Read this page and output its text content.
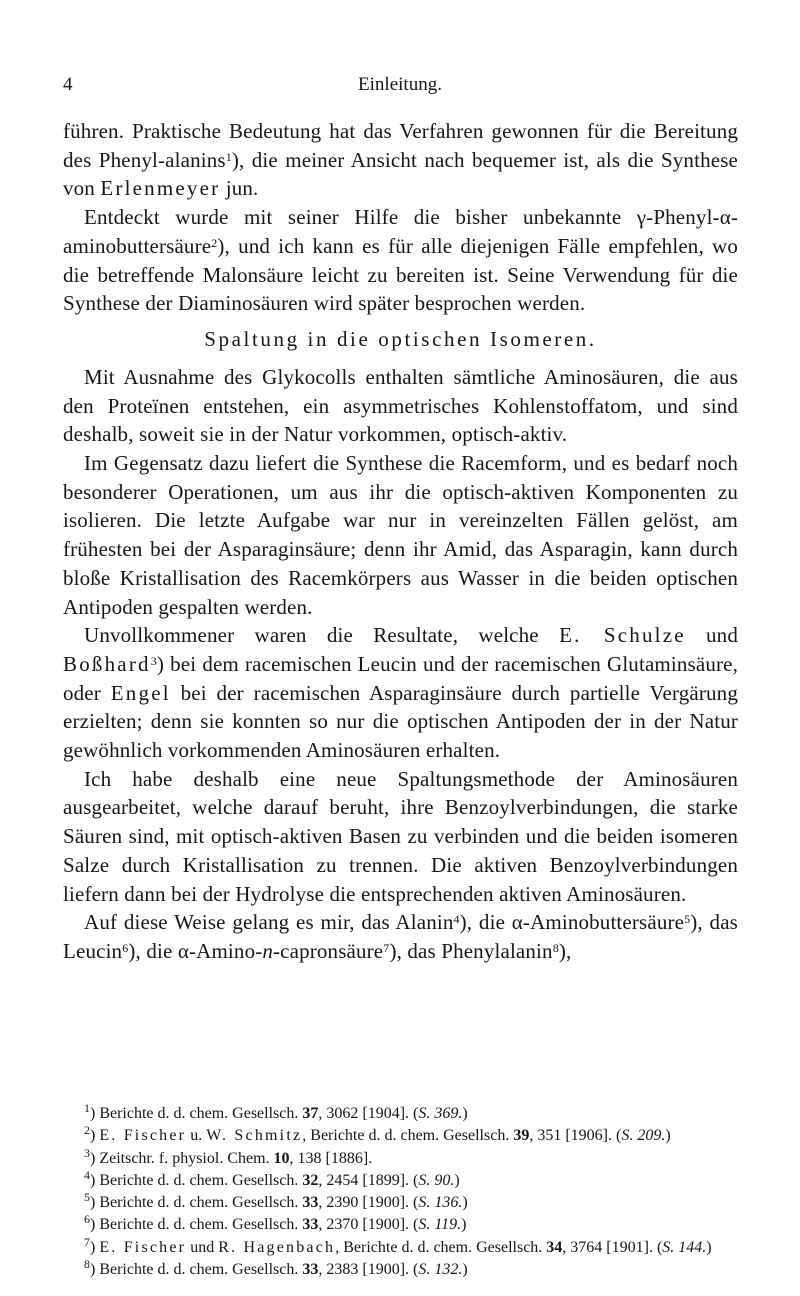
4	Einleitung.

führen. Praktische Bedeutung hat das Verfahren gewonnen für die Bereitung des Phenyl-alanins$^1$), die meiner Ansicht nach bequemer ist, als die Synthese von Erlenmeyer jun.

Entdeckt wurde mit seiner Hilfe die bisher unbekannte γ-Phenyl-α-aminobuttersäure$^2$), und ich kann es für alle diejenigen Fälle empfehlen, wo die betreffende Malonsäure leicht zu bereiten ist. Seine Verwendung für die Synthese der Diaminosäuren wird später besprochen werden.

Spaltung in die optischen Isomeren.

Mit Ausnahme des Glykocolls enthalten sämtliche Aminosäuren, die aus den Proteïnen entstehen, ein asymmetrisches Kohlenstoffatom, und sind deshalb, soweit sie in der Natur vorkommen, optisch-aktiv.

Im Gegensatz dazu liefert die Synthese die Racemform, und es bedarf noch besonderer Operationen, um aus ihr die optisch-aktiven Komponenten zu isolieren. Die letzte Aufgabe war nur in vereinzelten Fällen gelöst, am frühesten bei der Asparaginsäure; denn ihr Amid, das Asparagin, kann durch bloße Kristallisation des Racemkörpers aus Wasser in die beiden optischen Antipoden gespalten werden.

Unvollkommener waren die Resultate, welche E. Schulze und Boßhard$^3$) bei dem racemischen Leucin und der racemischen Glutaminsäure, oder Engel bei der racemischen Asparaginsäure durch partielle Vergärung erzielten; denn sie konnten so nur die optischen Antipoden der in der Natur gewöhnlich vorkommenden Aminosäuren erhalten.

Ich habe deshalb eine neue Spaltungsmethode der Aminosäuren ausgearbeitet, welche darauf beruht, ihre Benzoylverbindungen, die starke Säuren sind, mit optisch-aktiven Basen zu verbinden und die beiden isomeren Salze durch Kristallisation zu trennen. Die aktiven Benzoylverbindungen liefern dann bei der Hydrolyse die entsprechenden aktiven Aminosäuren.

Auf diese Weise gelang es mir, das Alanin$^4$), die α-Aminobuttersäure$^5$), das Leucin$^6$), die α-Amino-n-capronsäure$^7$), das Phenylalanin$^8$),

$^1$) Berichte d. d. chem. Gesellsch. 37, 3062 [1904]. (S. 369.)

$^2$) E. Fischer u. W. Schmitz, Berichte d. d. chem. Gesellsch. 39, 351 [1906]. (S. 209.)

$^3$) Zeitschr. f. physiol. Chem. 10, 138 [1886].

$^4$) Berichte d. d. chem. Gesellsch. 32, 2454 [1899]. (S. 90.)

$^5$) Berichte d. d. chem. Gesellsch. 33, 2390 [1900]. (S. 136.)

$^6$) Berichte d. d. chem. Gesellsch. 33, 2370 [1900]. (S. 119.)

$^7$) E. Fischer und R. Hagenbach, Berichte d. d. chem. Gesellsch. 34, 3764 [1901]. (S. 144.)

$^8$) Berichte d. d. chem. Gesellsch. 33, 2383 [1900]. (S. 132.)
